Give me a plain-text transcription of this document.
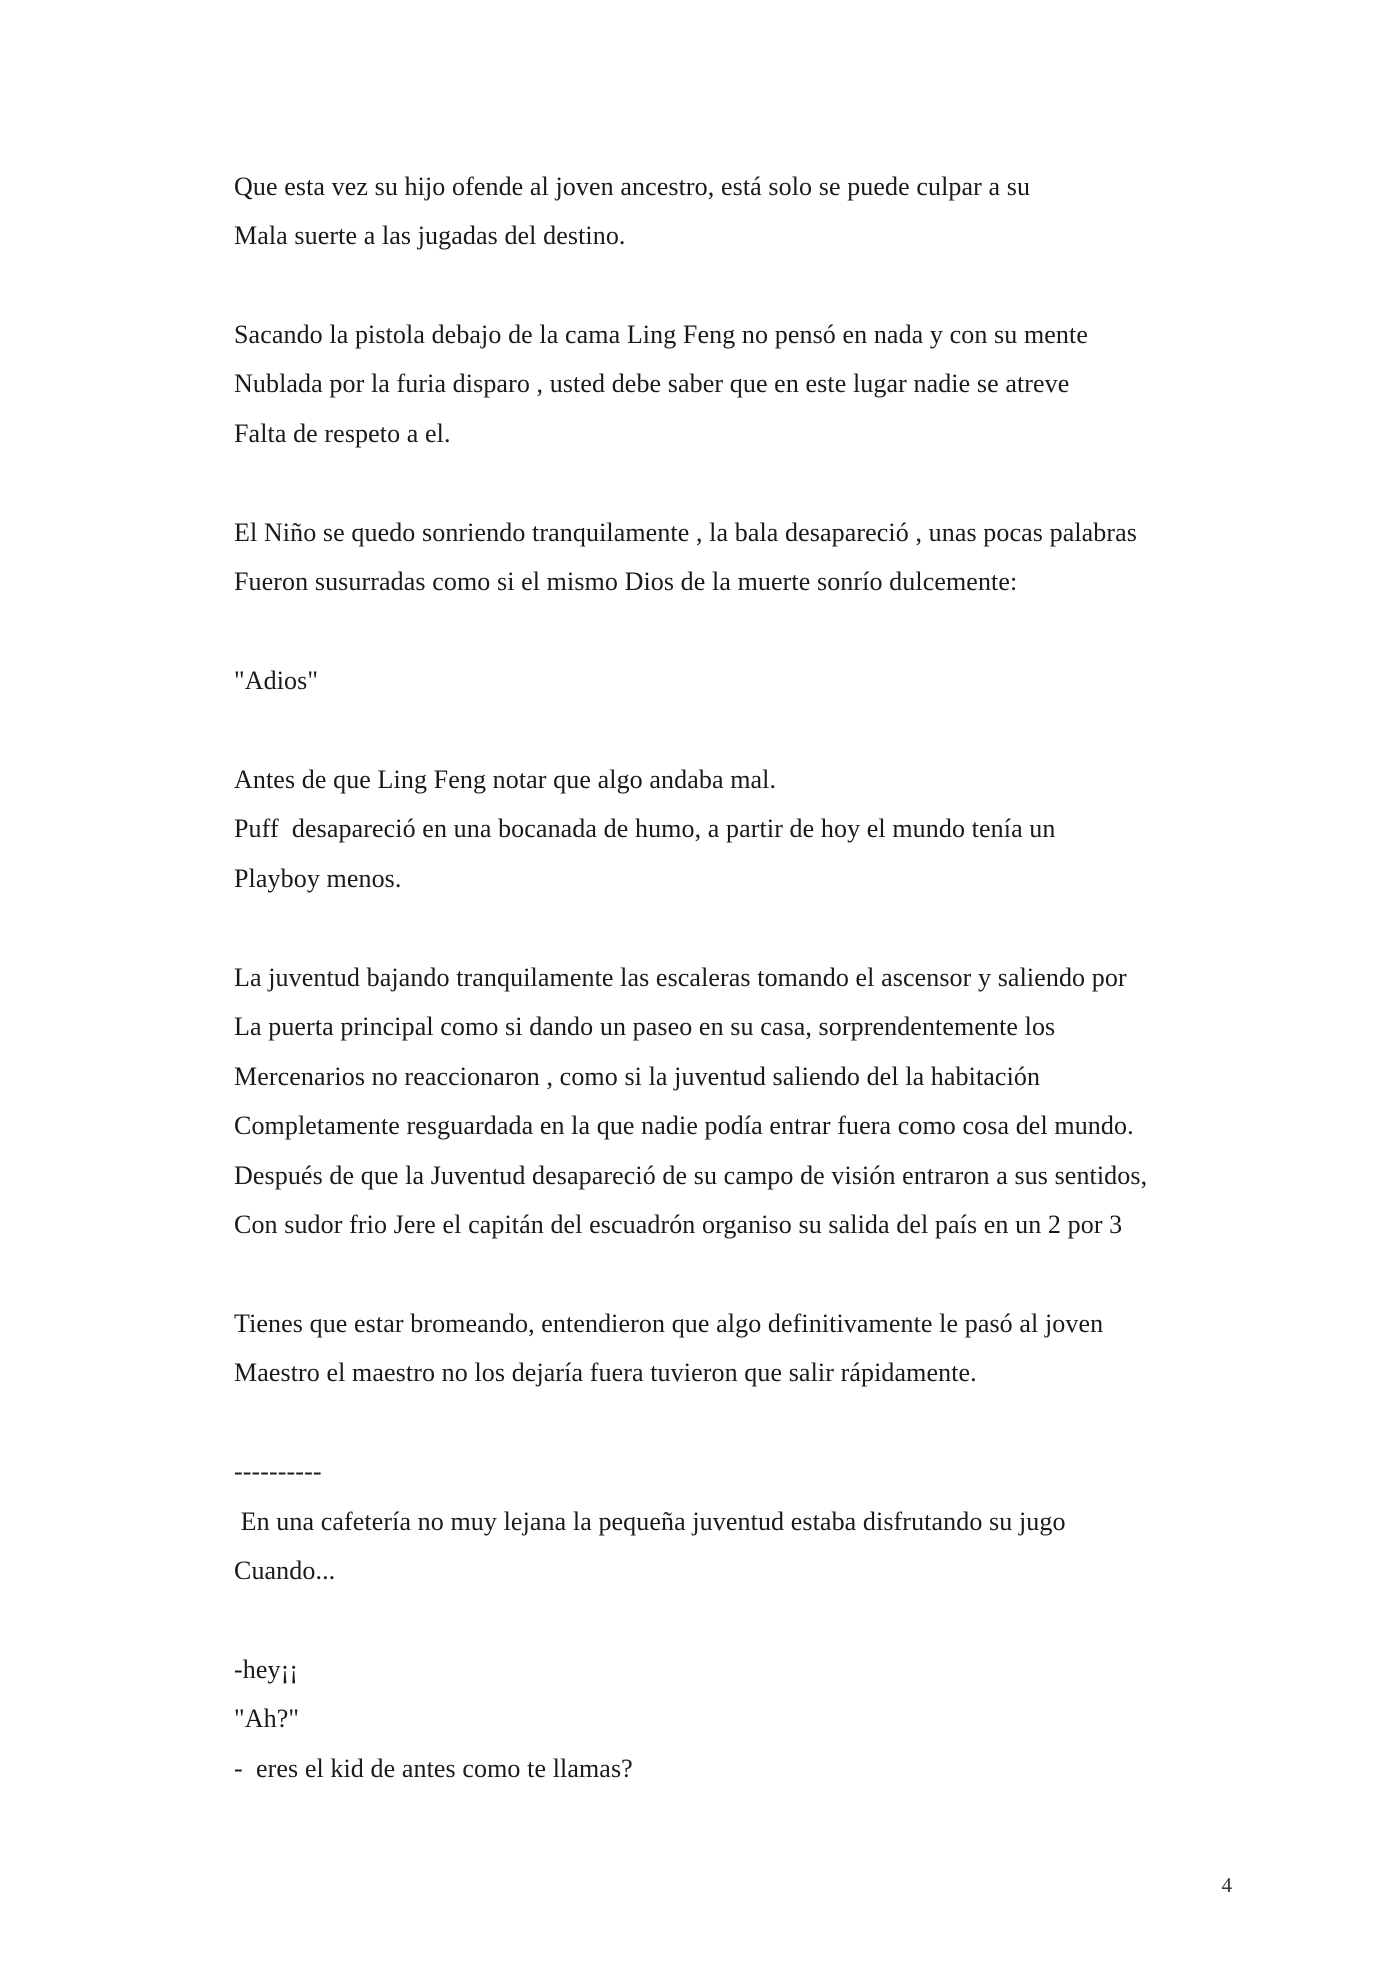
Que esta vez su hijo ofende al joven ancestro, está solo se puede culpar a su
Mala suerte a las jugadas del destino.
Sacando la pistola debajo de la cama Ling Feng no pensó en nada y con su mente
Nublada por la furia disparo , usted debe saber que en este lugar nadie se atreve
Falta de respeto a el.
El Niño se quedo sonriendo tranquilamente , la bala desapareció , unas pocas palabras
Fueron susurradas como si el mismo Dios de la muerte sonrío dulcemente:
"Adios"
Antes de que Ling Feng notar que algo andaba mal.
Puff  desapareció en una bocanada de humo, a partir de hoy el mundo tenía un
Playboy menos.
La juventud bajando tranquilamente las escaleras tomando el ascensor y saliendo por
La puerta principal como si dando un paseo en su casa, sorprendentemente los
Mercenarios no reaccionaron , como si la juventud saliendo del la habitación
Completamente resguardada en la que nadie podía entrar fuera como cosa del mundo.
Después de que la Juventud desapareció de su campo de visión entraron a sus sentidos,
Con sudor frio Jere el capitán del escuadrón organiso su salida del país en un 2 por 3
Tienes que estar bromeando, entendieron que algo definitivamente le pasó al joven
Maestro el maestro no los dejaría fuera tuvieron que salir rápidamente.
----------
En una cafetería no muy lejana la pequeña juventud estaba disfrutando su jugo
Cuando...
-hey¡¡
"Ah?"
-  eres el kid de antes como te llamas?
4
